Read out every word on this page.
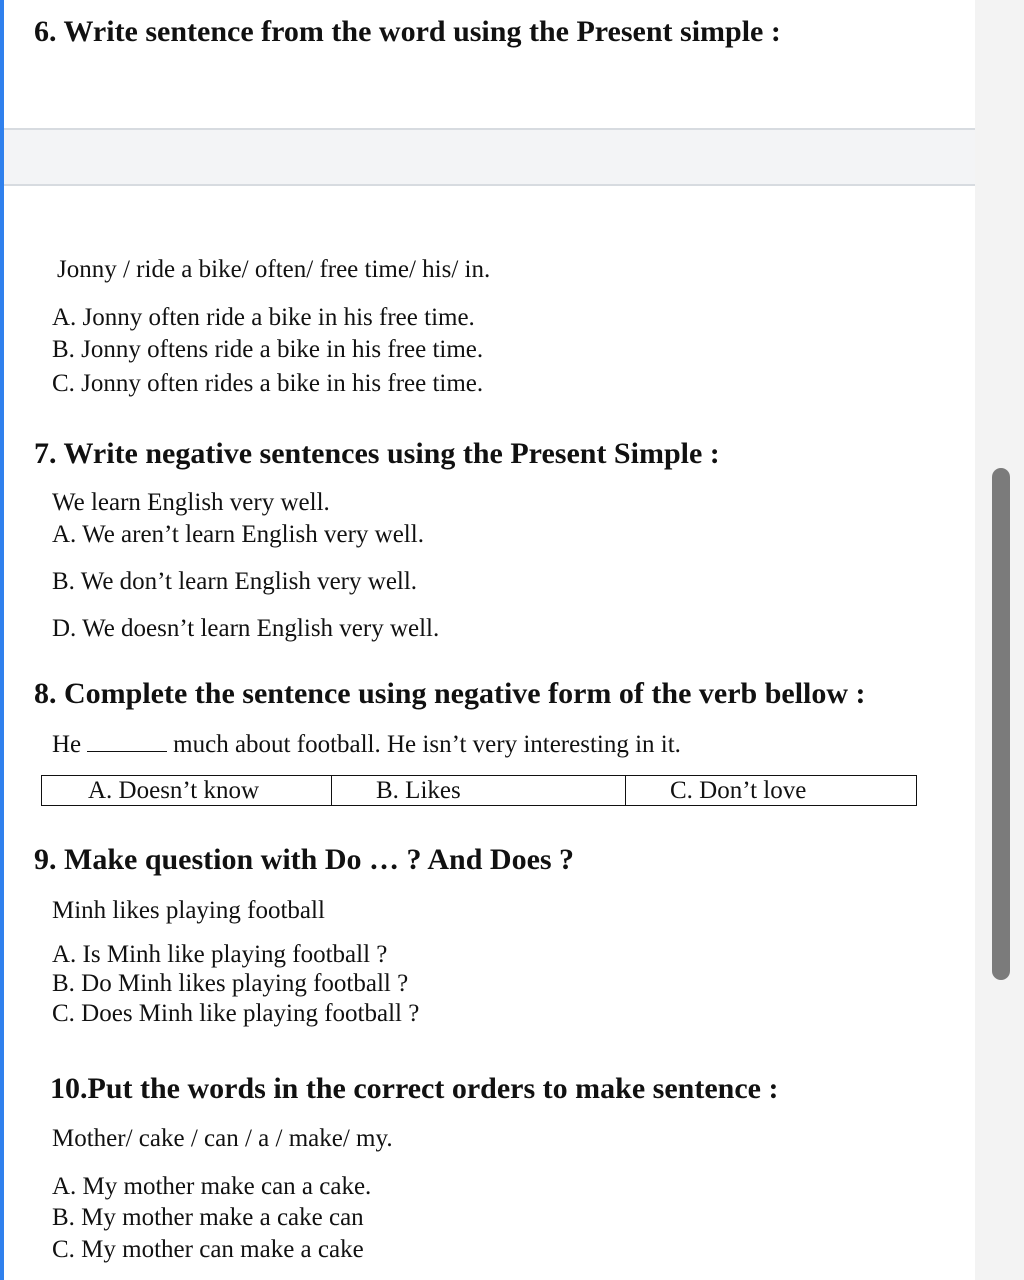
6. Write sentence from the word using the Present simple :
Jonny / ride a bike/ often/ free time/ his/ in.
A. Jonny often ride a bike in his free time.
B. Jonny oftens ride a bike in his free time.
C. Jonny often rides a bike in his free time.
7. Write negative sentences using the Present Simple :
We learn English very well.
A. We aren’t learn English very well.
B. We don’t learn English very well.
D. We doesn’t learn English very well.
8. Complete the sentence using negative form of the verb bellow :
He	much about football. He isn’t very interesting in it.
A. Doesn’t know	B. Likes	C. Don’t love
9. Make question with Do … ? And Does ?
Minh likes playing football
A. Is Minh like playing football ?
B. Do Minh likes playing football ?
C. Does Minh like playing football ?
10.Put the words in the correct orders to make sentence :
Mother/ cake / can / a / make/ my.
A. My mother make can a cake.
B. My mother make a cake can
C. My mother can make a cake
